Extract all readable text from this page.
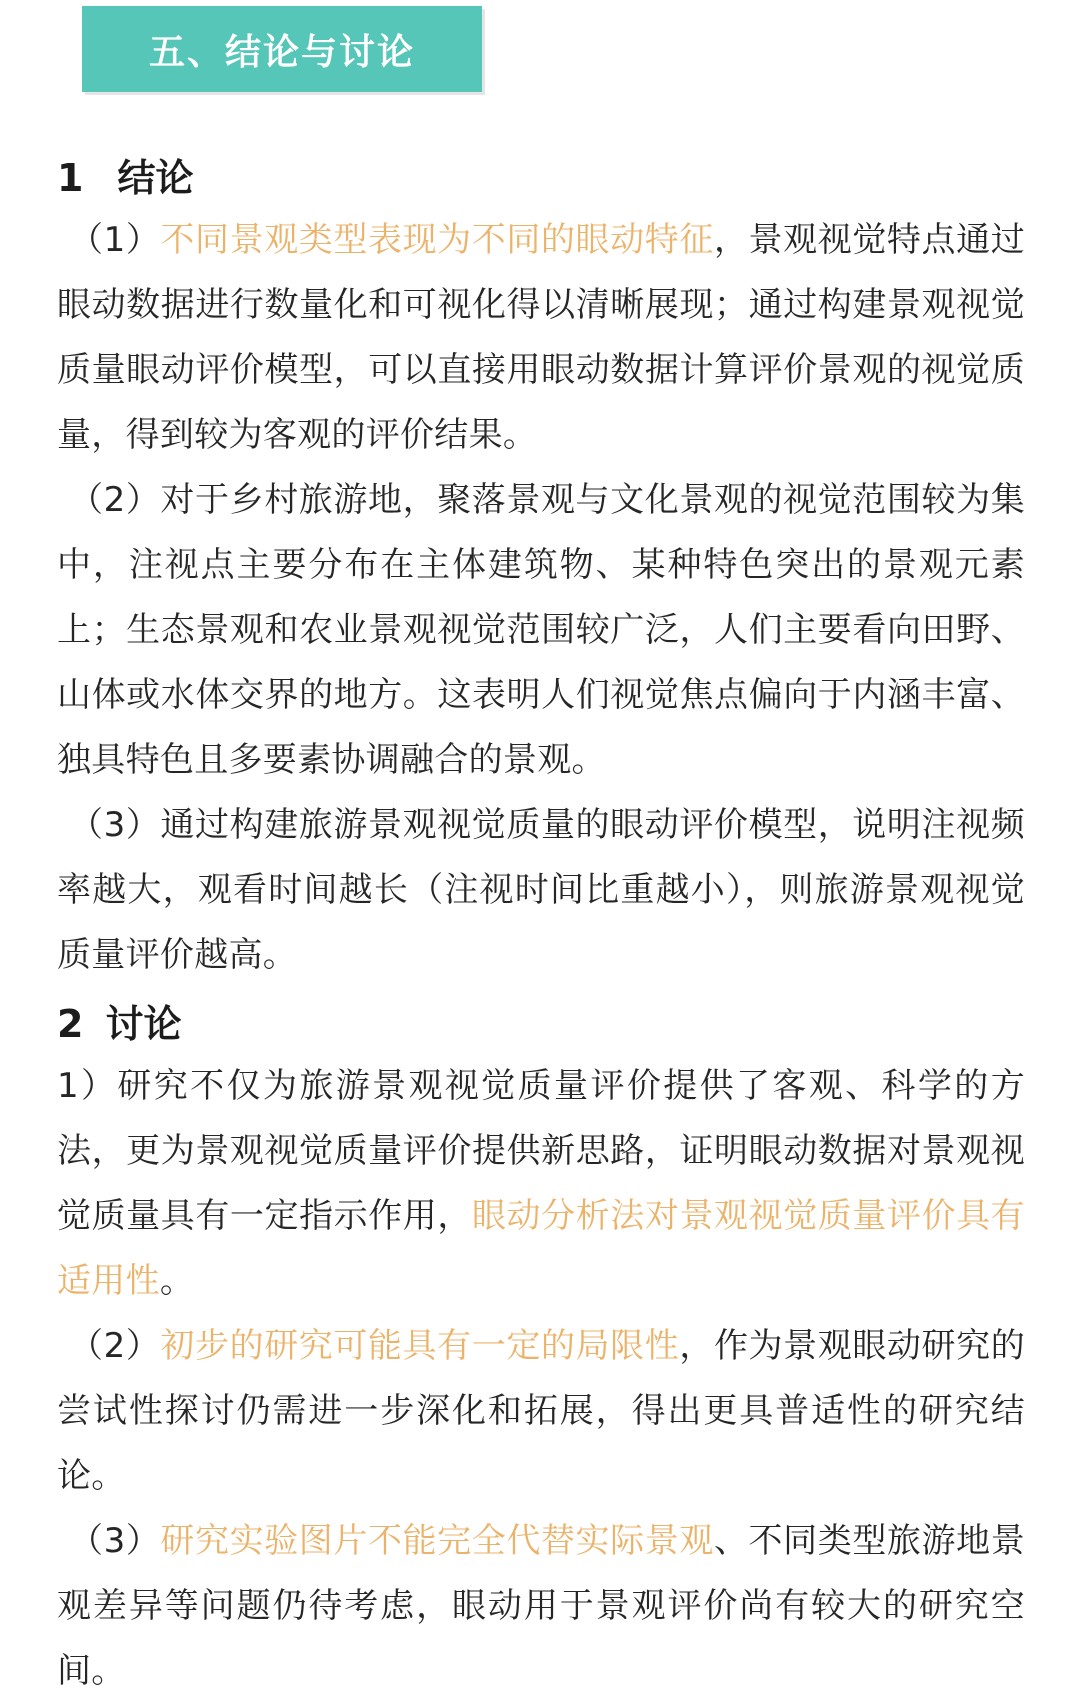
五、结论与讨论
1 结论

（1）不同景观类型表现为不同的眼动特征，景观视觉特点通过眼动数据进行数量化和可视化得以清晰展现；通过构建景观视觉质量眼动评价模型，可以直接用眼动数据计算评价景观的视觉质量，得到较为客观的评价结果。

（2）对于乡村旅游地，聚落景观与文化景观的视觉范围较为集中，注视点主要分布在主体建筑物、某种特色突出的景观元素上；生态景观和农业景观视觉范围较广泛，人们主要看向田野、山体或水体交界的地方。这表明人们视觉焦点偏向于内涵丰富、独具特色且多要素协调融合的景观。

（3）通过构建旅游景观视觉质量的眼动评价模型，说明注视频率越大，观看时间越长（注视时间比重越小），则旅游景观视觉质量评价越高。

2 讨论

1）研究不仅为旅游景观视觉质量评价提供了客观、科学的方法，更为景观视觉质量评价提供新思路，证明眼动数据对景观视觉质量具有一定指示作用，眼动分析法对景观视觉质量评价具有适用性。

（2）初步的研究可能具有一定的局限性，作为景观眼动研究的尝试性探讨仍需进一步深化和拓展，得出更具普适性的研究结论。

（3）研究实验图片不能完全代替实际景观、不同类型旅游地景观差异等问题仍待考虑，眼动用于景观评价尚有较大的研究空间。
